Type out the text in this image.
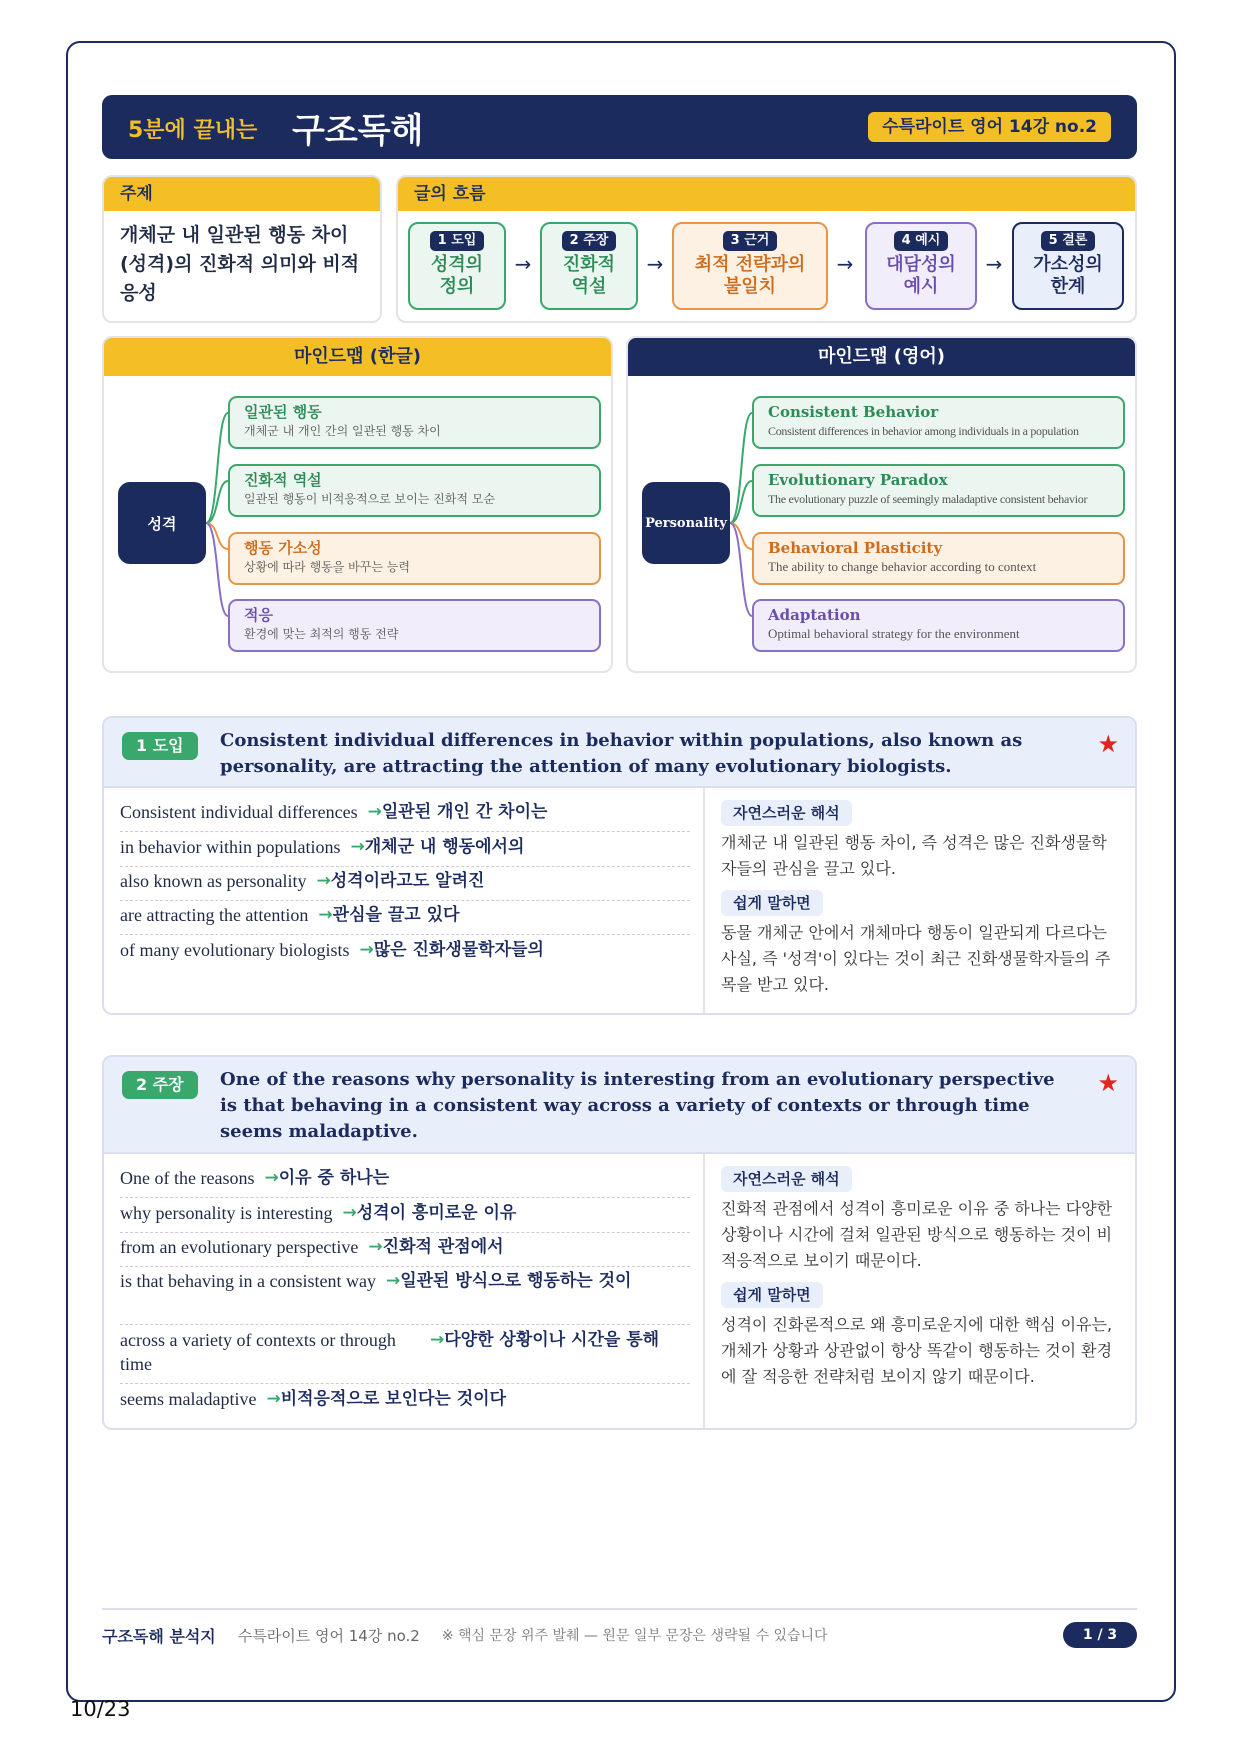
5분에 끝내는 구조독해	수특라이트 영어 14강 no.2
주제
개체군 내 일관된 행동 차이(성격)의 진화적 의미와 비적응성
글의 흐름
1 도입
성격의
정의
→
2 주장
진화적
역설
→
3 근거
최적 전략과의
불일치
→
4 예시
대담성의
예시
→
5 결론
가소성의
한계
마인드맵 (한글)
성격
일관된 행동
개체군 내 개인 간의 일관된 행동 차이
진화적 역설
일관된 행동이 비적응적으로 보이는 진화적 모순
행동 가소성
상황에 따라 행동을 바꾸는 능력
적응
환경에 맞는 최적의 행동 전략
마인드맵 (영어)
Personality
Consistent Behavior
Consistent differences in behavior among individuals in a population
Evolutionary Paradox
The evolutionary puzzle of seemingly maladaptive consistent behavior
Behavioral Plasticity
The ability to change behavior according to context
Adaptation
Optimal behavioral strategy for the environment
1 도입	Consistent individual differences in behavior within populations, also known as personality, are attracting the attention of many evolutionary biologists.
★
Consistent individual differences →일관된 개인 간 차이는
in behavior within populations →개체군 내 행동에서의
also known as personality →성격이라고도 알려진
are attracting the attention →관심을 끌고 있다
of many evolutionary biologists →많은 진화생물학자들의
자연스러운 해석
개체군 내 일관된 행동 차이, 즉 성격은 많은 진화생물학자들의 관심을 끌고 있다.
쉽게 말하면
동물 개체군 안에서 개체마다 행동이 일관되게 다르다는 사실, 즉 '성격'이 있다는 것이 최근 진화생물학자들의 주목을 받고 있다.
2 주장	One of the reasons why personality is interesting from an evolutionary perspective is that behaving in a consistent way across a variety of contexts or through time seems maladaptive.
★
One of the reasons →이유 중 하나는
why personality is interesting →성격이 흥미로운 이유
from an evolutionary perspective →진화적 관점에서
is that behaving in a consistent way →일관된 방식으로 행동하는 것이
across a variety of contexts or through time
→다양한 상황이나 시간을 통해
seems maladaptive →비적응적으로 보인다는 것이다
자연스러운 해석
진화적 관점에서 성격이 흥미로운 이유 중 하나는 다양한 상황이나 시간에 걸쳐 일관된 방식으로 행동하는 것이 비적응적으로 보이기 때문이다.
쉽게 말하면
성격이 진화론적으로 왜 흥미로운지에 대한 핵심 이유는, 개체가 상황과 상관없이 항상 똑같이 행동하는 것이 환경에 잘 적응한 전략처럼 보이지 않기 때문이다.
구조독해 분석지 수특라이트 영어 14강 no.2 ※ 핵심 문장 위주 발췌 — 원문 일부 문장은 생략될 수 있습니다	1 / 3
10/23
